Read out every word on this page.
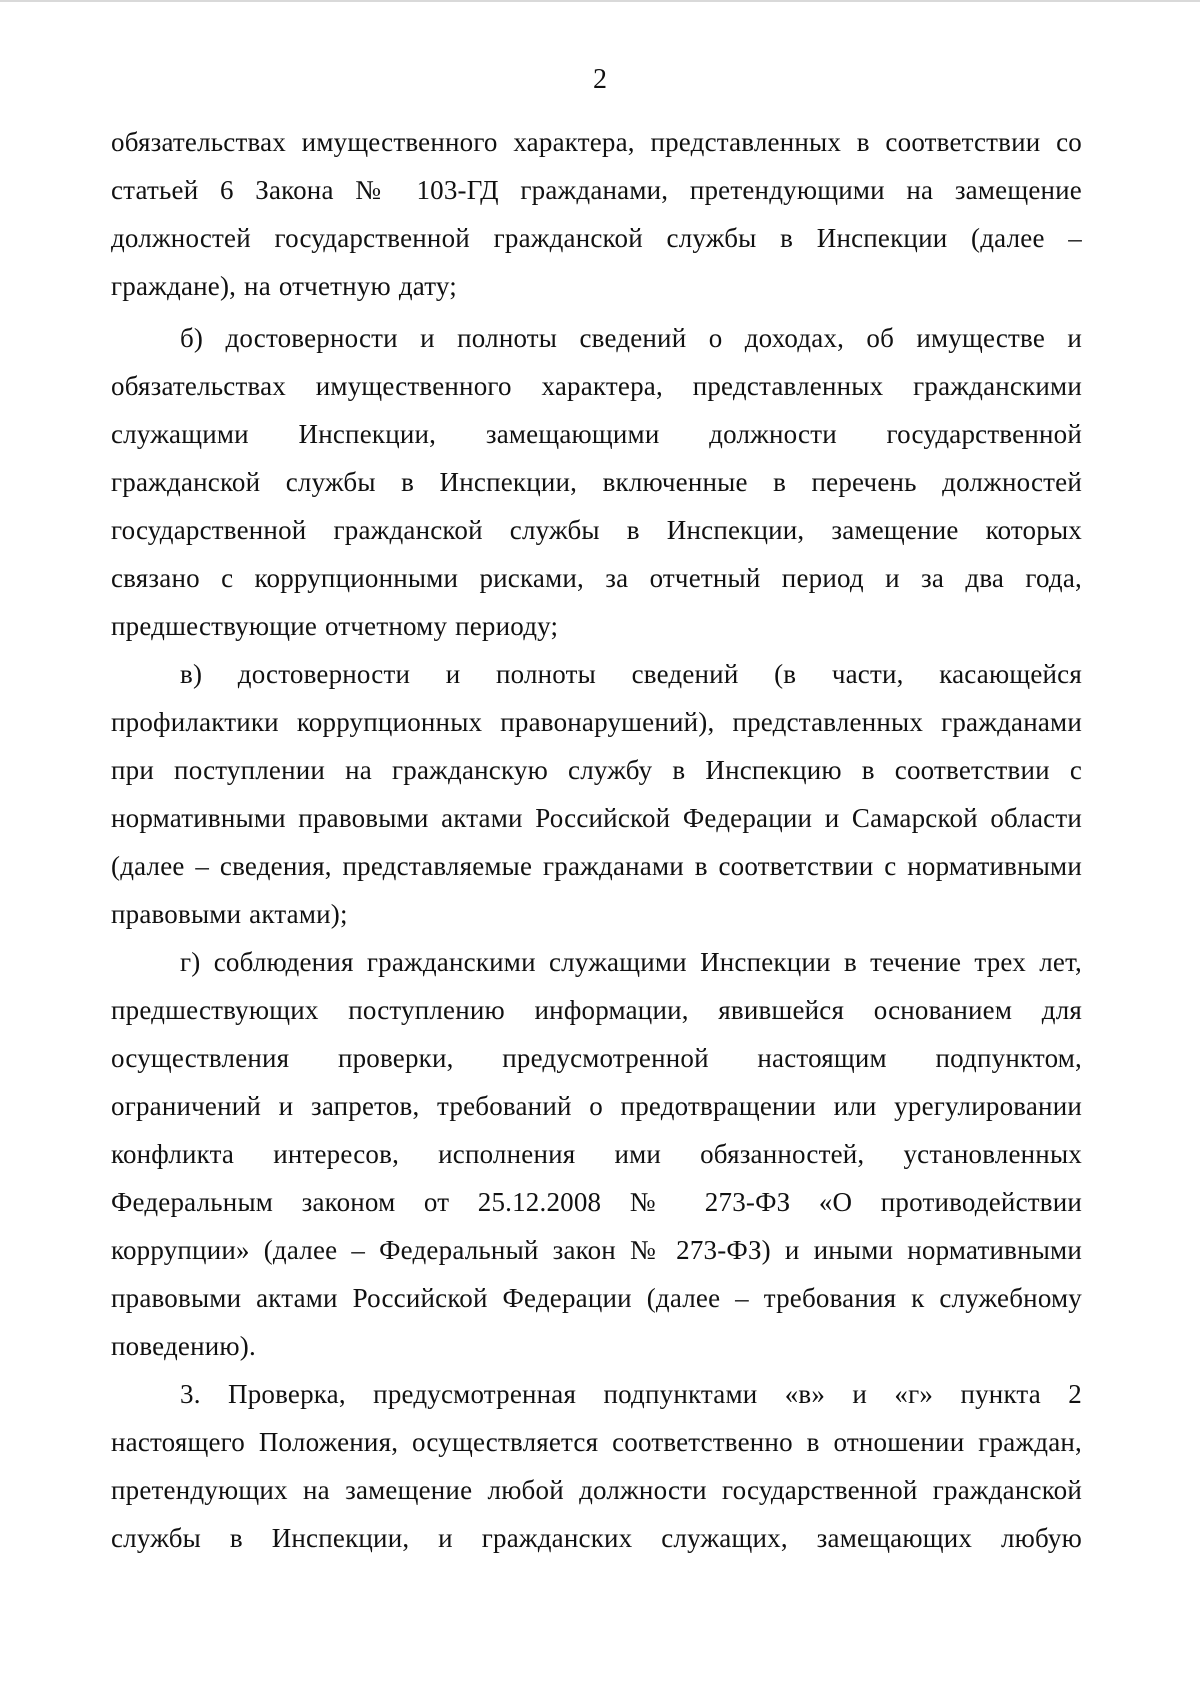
2
обязательствах имущественного характера, представленных в соответствии со
статьей 6 Закона № 103-ГД гражданами, претендующими на замещение
должностей государственной гражданской службы в Инспекции (далее –
граждане), на отчетную дату;
б) достоверности и полноты сведений о доходах, об имуществе и
обязательствах имущественного характера, представленных гражданскими
служащими Инспекции, замещающими должности государственной
гражданской службы в Инспекции, включенные в перечень должностей
государственной гражданской службы в Инспекции, замещение которых
связано с коррупционными рисками, за отчетный период и за два года,
предшествующие отчетному периоду;
в) достоверности и полноты сведений (в части, касающейся
профилактики коррупционных правонарушений), представленных гражданами
при поступлении на гражданскую службу в Инспекцию в соответствии с
нормативными правовыми актами Российской Федерации и Самарской области
(далее – сведения, представляемые гражданами в соответствии с нормативными
правовыми актами);
г) соблюдения гражданскими служащими Инспекции в течение трех лет,
предшествующих поступлению информации, явившейся основанием для
осуществления проверки, предусмотренной настоящим подпунктом,
ограничений и запретов, требований о предотвращении или урегулировании
конфликта интересов, исполнения ими обязанностей, установленных
Федеральным законом от 25.12.2008 № 273-ФЗ «О противодействии
коррупции» (далее – Федеральный закон № 273-ФЗ) и иными нормативными
правовыми актами Российской Федерации (далее – требования к служебному
поведению).
3. Проверка, предусмотренная подпунктами «в» и «г» пункта 2
настоящего Положения, осуществляется соответственно в отношении граждан,
претендующих на замещение любой должности государственной гражданской
службы в Инспекции, и гражданских служащих, замещающих любую
